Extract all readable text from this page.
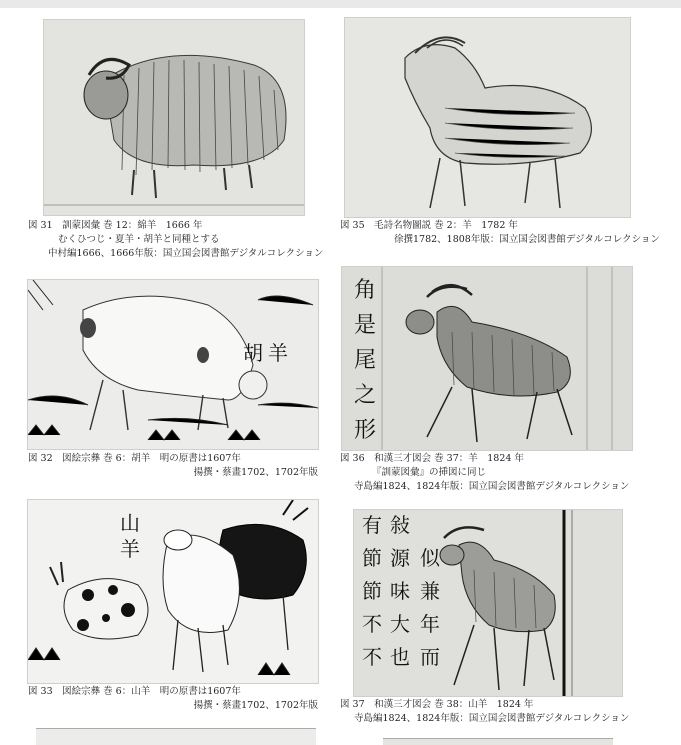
図 31　訓蒙図彙 巻 12：綿羊　1666 年
むくひつじ・夏羊・胡羊と同種とする
中村編1666、1666年版：国立国会図書館デジタルコレクション
図 35　毛詩名物圖説 巻 2：羊　1782 年
徐撰1782、1808年版：国立国会図書館デジタルコレクション
胡 羊
図 32　図絵宗彝 巻 6：胡羊　明の原書は1607年
揚撰・蔡畫1702、1702年版
角
是
尾
之
形
図 36　和漢三才図会 巻 37：羊　1824 年
『訓蒙図彙』の挿図に同じ
寺島編1824、1824年版：国立国会図書館デジタルコレクション
山
羊
図 33　図絵宗彝 巻 6：山羊　明の原書は1607年
揚撰・蔡畫1702、1702年版
有
節
節
不
不
敍
源
味
大
也
似
兼
年
而
図 37　和漢三才図会 巻 38：山羊　1824 年
寺島編1824、1824年版：国立国会図書館デジタルコレクション
